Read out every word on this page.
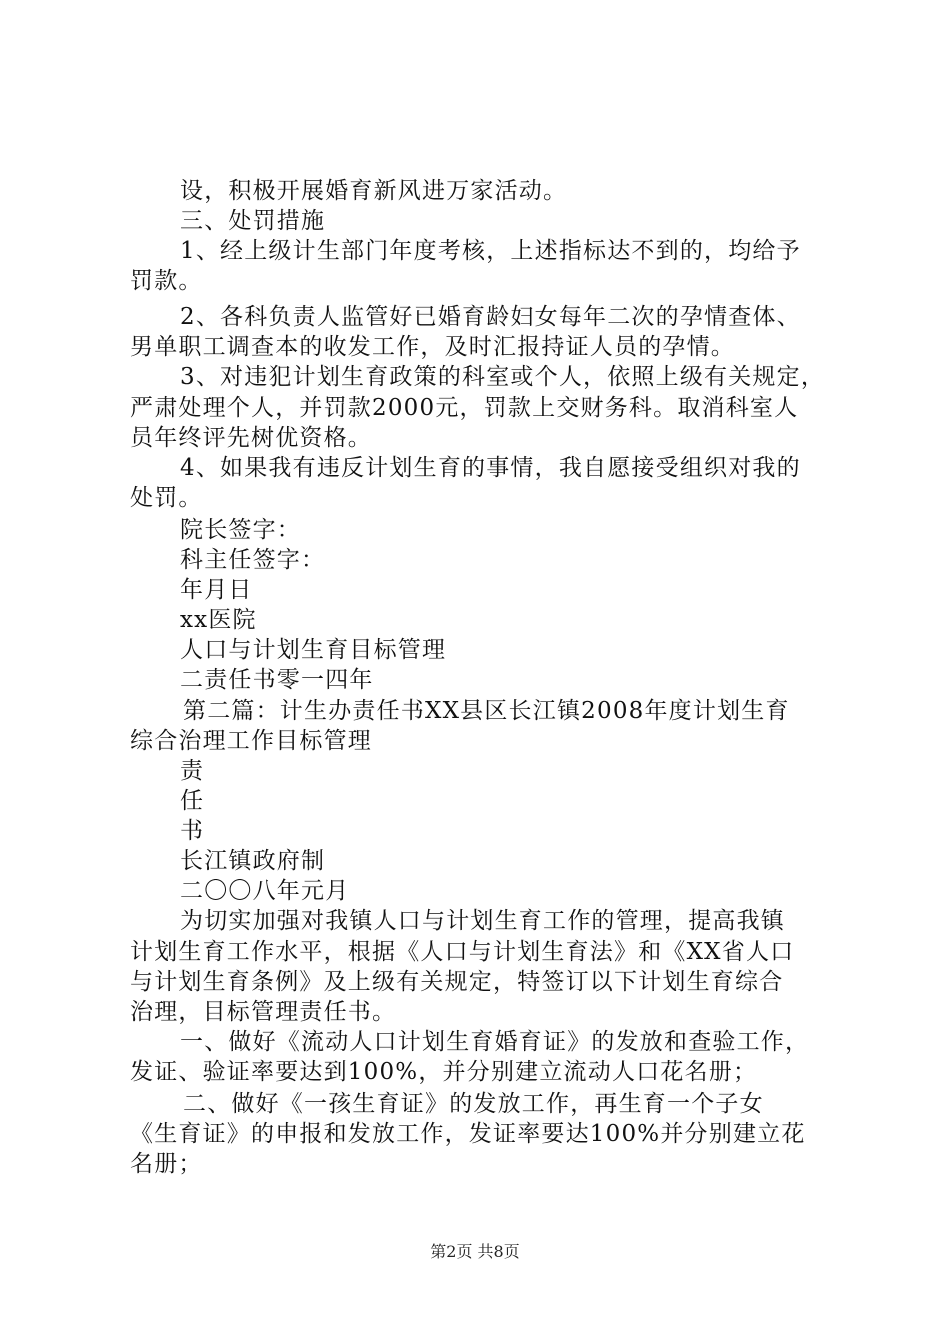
设，积极开展婚育新风进万家活动。
三、处罚措施
1、经上级计生部门年度考核，上述指标达不到的，均给予
罚款。
2、各科负责人监管好已婚育龄妇女每年二次的孕情查体、
男单职工调查本的收发工作，及时汇报持证人员的孕情。
3、对违犯计划生育政策的科室或个人，依照上级有关规定，
严肃处理个人，并罚款2000元，罚款上交财务科。取消科室人
员年终评先树优资格。
4、如果我有违反计划生育的事情，我自愿接受组织对我的
处罚。
院长签字：
科主任签字：
年月日
xx医院
人口与计划生育目标管理
二责任书零一四年
第二篇：计生办责任书XX县区长江镇2008年度计划生育
综合治理工作目标管理
责
任
书
长江镇政府制
二〇〇八年元月
为切实加强对我镇人口与计划生育工作的管理，提高我镇
计划生育工作水平，根据《人口与计划生育法》和《XX省人口
与计划生育条例》及上级有关规定，特签订以下计划生育综合
治理，目标管理责任书。
一、做好《流动人口计划生育婚育证》的发放和查验工作，
发证、验证率要达到100%，并分别建立流动人口花名册；
二、做好《一孩生育证》的发放工作，再生育一个子女
《生育证》的申报和发放工作，发证率要达100%并分别建立花
名册；
第2页 共8页
